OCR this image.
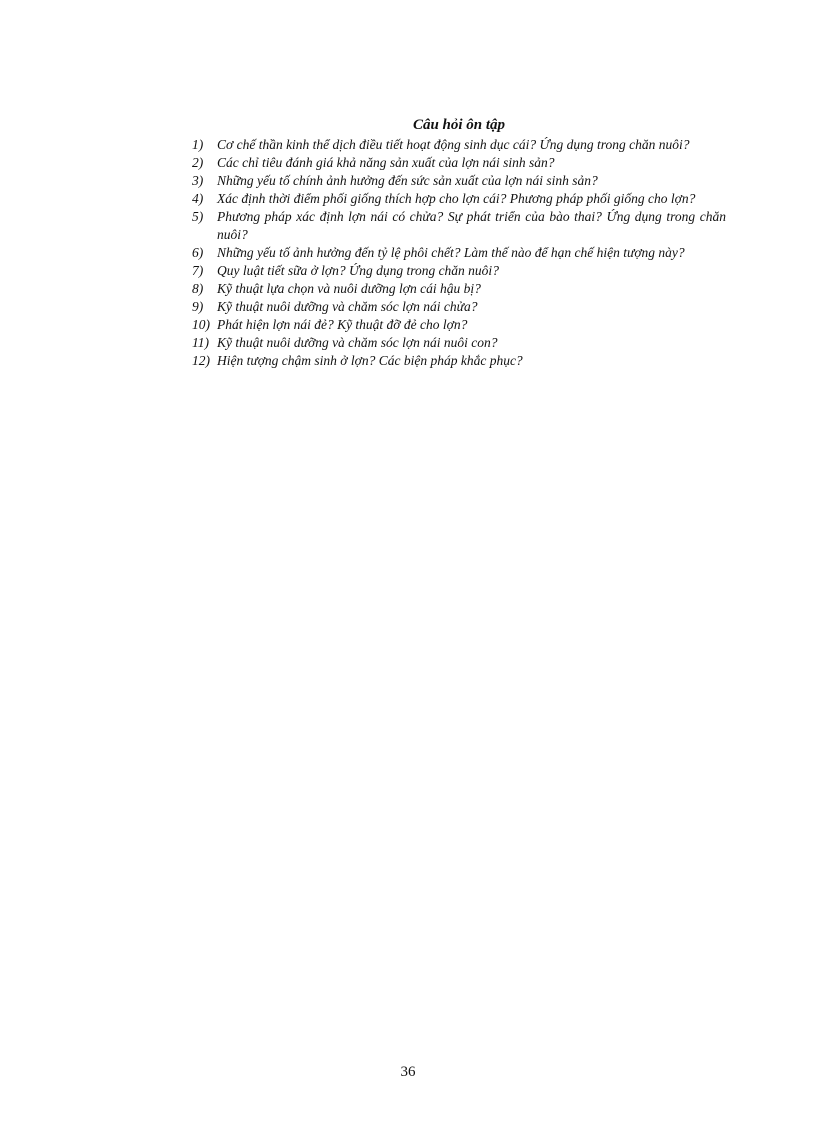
Câu hỏi ôn tập
1) Cơ chế thần kinh thể dịch điều tiết hoạt động sinh dục cái? Ứng dụng trong chăn nuôi?
2) Các chỉ tiêu đánh giá khả năng sản xuất của lợn nái sinh sản?
3) Những yếu tố chính ảnh hưởng đến sức sản xuất của lợn nái sinh sản?
4) Xác định thời điểm phối giống thích hợp cho lợn cái? Phương pháp phối giống cho lợn?
5) Phương pháp xác định lợn nái có chửa? Sự phát triển của bào thai? Ứng dụng trong chăn nuôi?
6) Những yếu tố ảnh hưởng đến tỷ lệ phôi chết? Làm thế nào để hạn chế hiện tượng này?
7) Quy luật tiết sữa ở lợn? Ứng dụng trong chăn nuôi?
8) Kỹ thuật lựa chọn và nuôi dưỡng lợn cái hậu bị?
9) Kỹ thuật nuôi dưỡng và chăm sóc lợn nái chửa?
10) Phát hiện lợn nái đẻ? Kỹ thuật đỡ đẻ cho lợn?
11) Kỹ thuật nuôi dưỡng và chăm sóc lợn nái nuôi con?
12) Hiện tượng chậm sinh ở lợn? Các biện pháp khắc phục?
36
